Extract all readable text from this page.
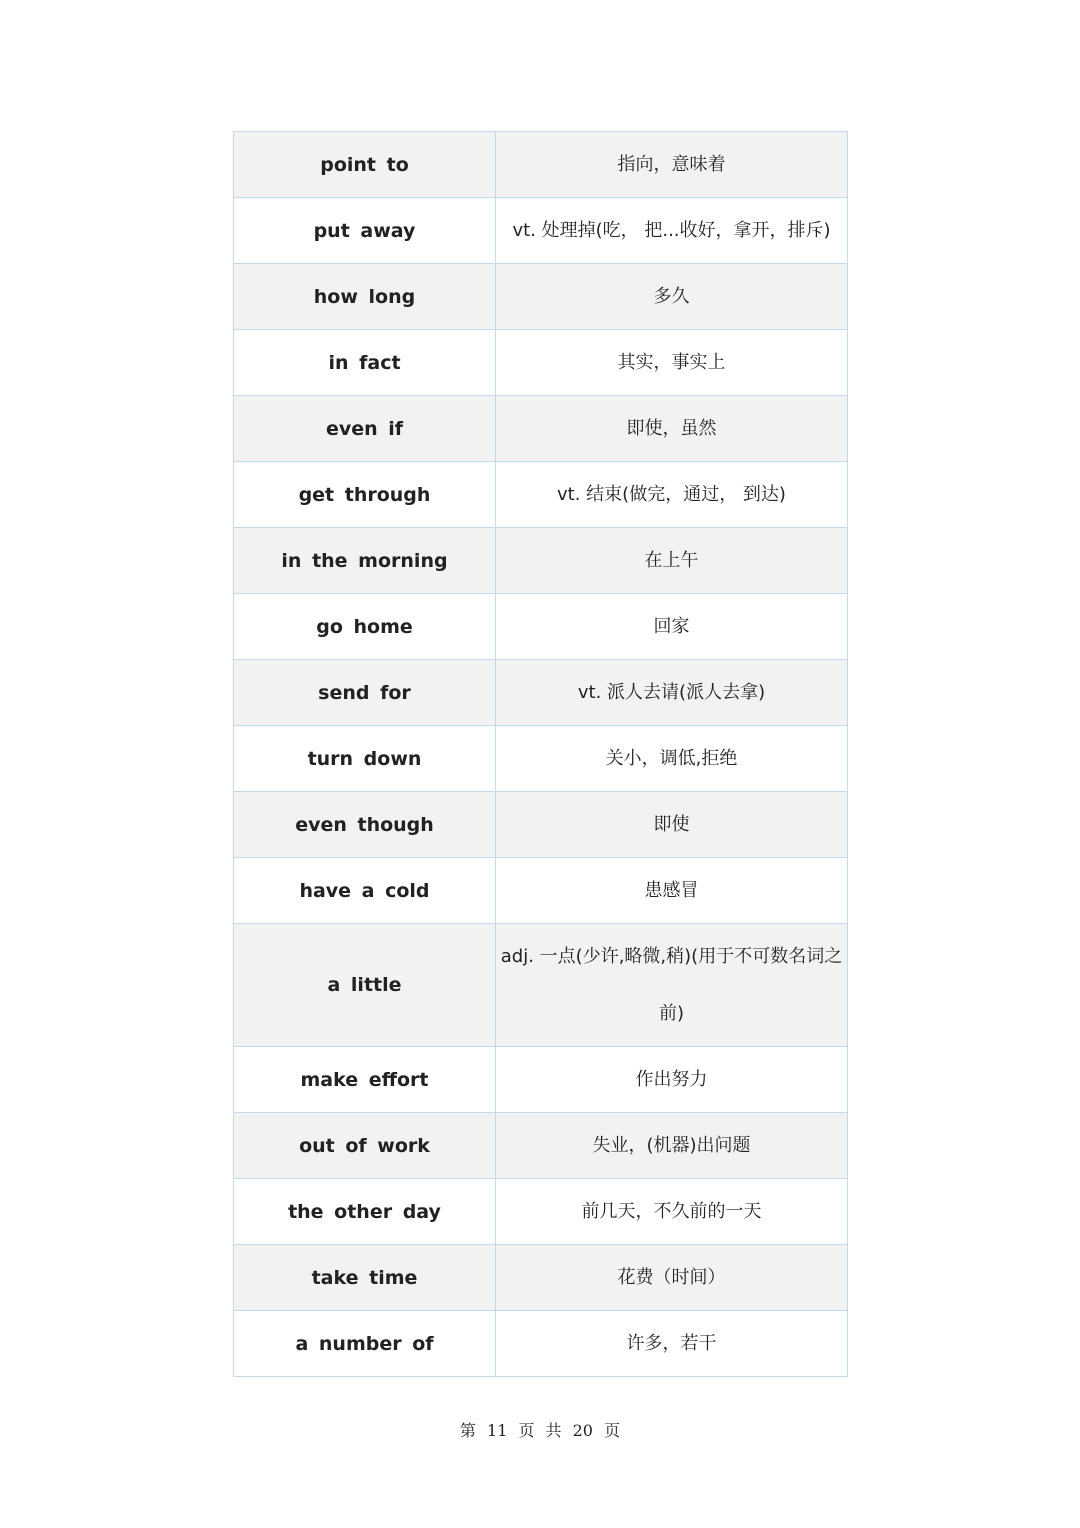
point to	指向，意味着
put away	vt. 处理掉(吃， 把...收好，拿开，排斥)
how long	多久
in fact	其实，事实上
even if	即使，虽然
get through	vt. 结束(做完，通过， 到达)
in the morning	在上午
go home	回家
send for	vt. 派人去请(派人去拿)
turn down	关小，调低,拒绝
even though	即使
have a cold	患感冒
a little	adj. 一点(少许,略微,稍)(用于不可数名词之前)
make effort	作出努力
out of work	失业，(机器)出问题
the other day	前几天，不久前的一天
take time	花费（时间）
a number of	许多，若干
第 11 页 共 20 页
